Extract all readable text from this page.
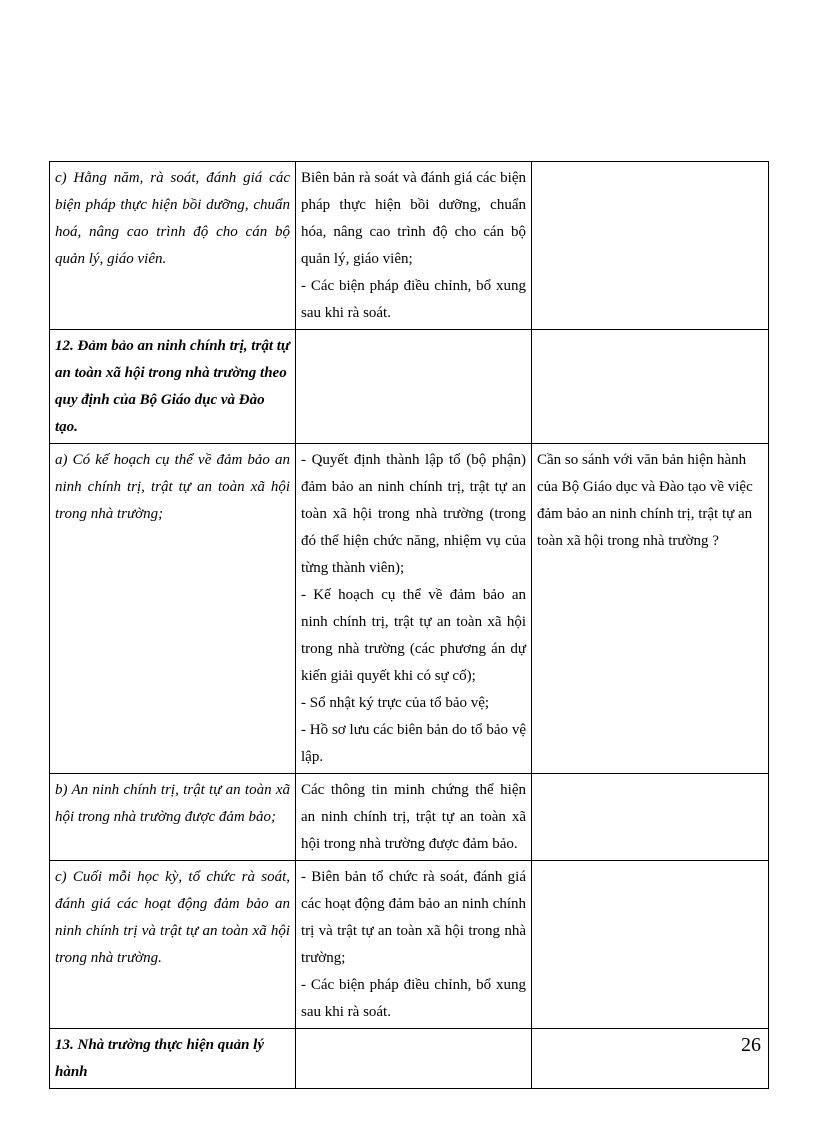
c) Hằng năm, rà soát, đánh giá các biện pháp thực hiện bồi dưỡng, chuẩn hoá, nâng cao trình độ cho cán bộ quản lý, giáo viên.	Biên bản rà soát và đánh giá các biện pháp thực hiện bồi dưỡng, chuẩn hóa, nâng cao trình độ cho cán bộ quản lý, giáo viên;
- Các biện pháp điều chỉnh, bổ xung sau khi rà soát.	

12. Đảm bảo an ninh chính trị, trật tự an toàn xã hội trong nhà trường theo quy định của Bộ Giáo dục và Đào tạo.		
a) Có kế hoạch cụ thể về đảm bảo an ninh chính trị, trật tự an toàn xã hội trong nhà trường;	- Quyết định thành lập tổ (bộ phận) đảm bảo an ninh chính trị, trật tự an toàn xã hội trong nhà trường (trong đó thể hiện chức năng, nhiệm vụ của từng thành viên);
- Kế hoạch cụ thể về đảm bảo an ninh chính trị, trật tự an toàn xã hội trong nhà trường (các phương án dự kiến giải quyết khi có sự cố);
- Sổ nhật ký trực của tổ bảo vệ;
- Hồ sơ lưu các biên bản do tổ bảo vệ lập.	Cần so sánh với văn bản hiện hành của Bộ Giáo dục và Đào tạo về việc đảm bảo an ninh chính trị, trật tự an toàn xã hội trong nhà trường ?
b) An ninh chính trị, trật tự an toàn xã hội trong nhà trường được đảm bảo;	Các thông tin minh chứng thể hiện an ninh chính trị, trật tự an toàn xã hội trong nhà trường được đảm bảo.	

c) Cuối mỗi học kỳ, tổ chức rà soát, đánh giá các hoạt động đảm bảo an ninh chính trị và trật tự an toàn xã hội trong nhà trường.	- Biên bản tổ chức rà soát, đánh giá các hoạt động đảm bảo an ninh chính trị và trật tự an toàn xã hội trong nhà trường;
- Các biện pháp điều chỉnh, bổ xung sau khi rà soát.	

13. Nhà trường thực hiện quản lý hành		
26
